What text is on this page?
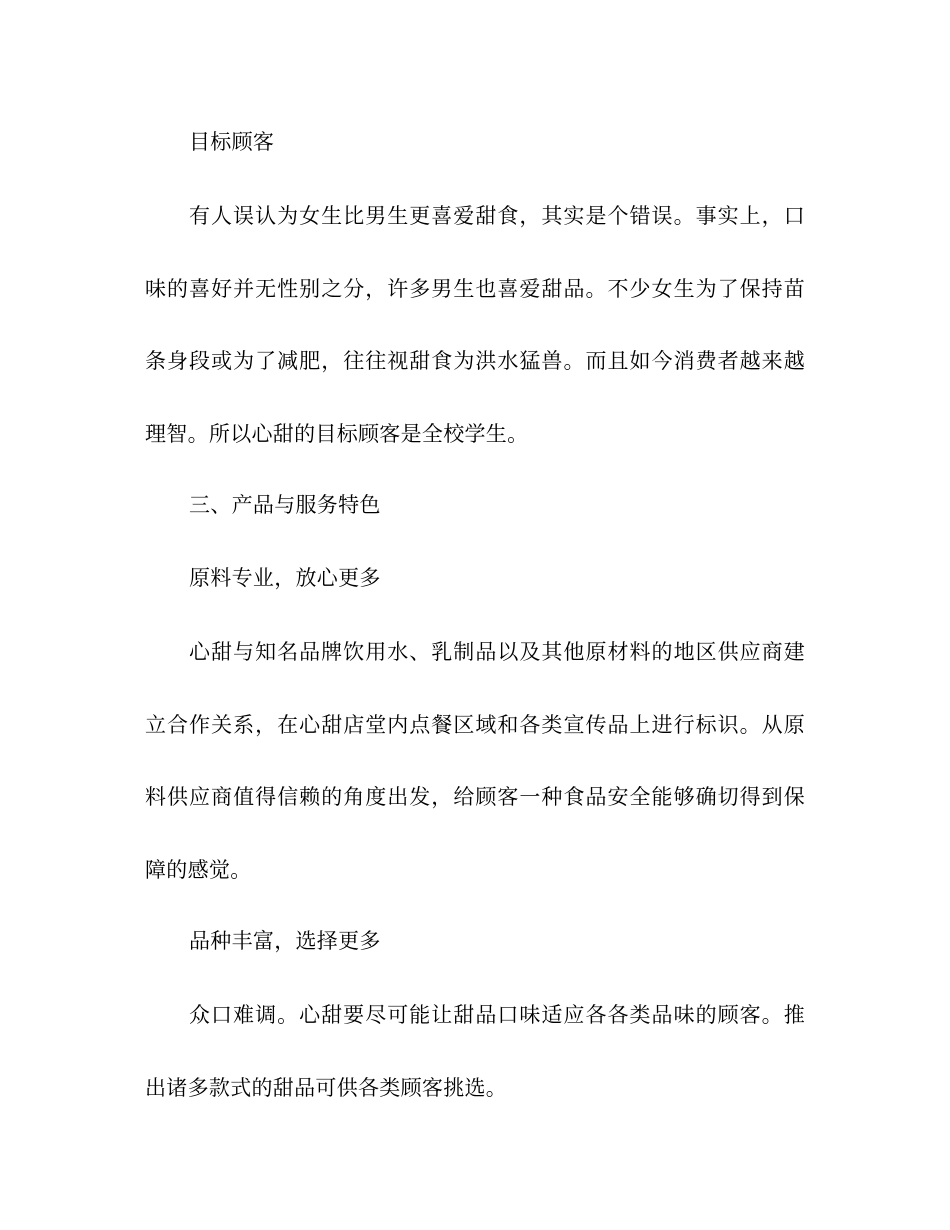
目标顾客

有人误认为女生比男生更喜爱甜食，其实是个错误。事实上，口味的喜好并无性别之分，许多男生也喜爱甜品。不少女生为了保持苗条身段或为了减肥，往往视甜食为洪水猛兽。而且如今消费者越来越理智。所以心甜的目标顾客是全校学生。

三、产品与服务特色

原料专业，放心更多

心甜与知名品牌饮用水、乳制品以及其他原材料的地区供应商建立合作关系，在心甜店堂内点餐区域和各类宣传品上进行标识。从原料供应商值得信赖的角度出发，给顾客一种食品安全能够确切得到保障的感觉。

品种丰富，选择更多

众口难调。心甜要尽可能让甜品口味适应各各类品味的顾客。推出诸多款式的甜品可供各类顾客挑选。
